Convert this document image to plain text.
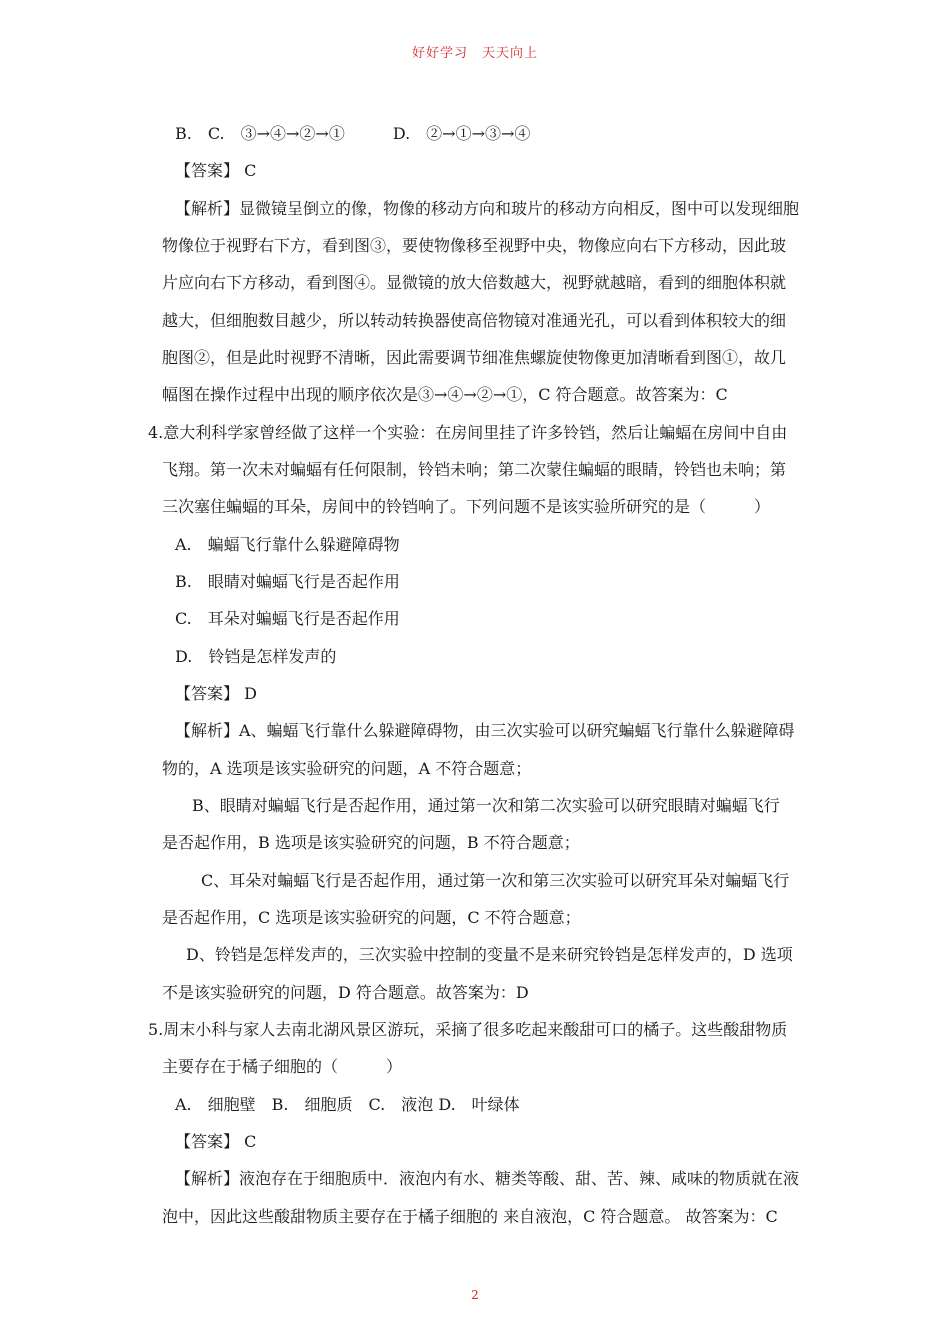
好好学习　天天向上
B.　C.　③→④→②→①　　　D.　②→①→③→④
【答案】 C
【解析】显微镜呈倒立的像，物像的移动方向和玻片的移动方向相反，图中可以发现细胞
物像位于视野右下方，看到图③，要使物像移至视野中央，物像应向右下方移动，因此玻
片应向右下方移动，看到图④。显微镜的放大倍数越大，视野就越暗，看到的细胞体积就
越大，但细胞数目越少，所以转动转换器使高倍物镜对准通光孔，可以看到体积较大的细
胞图②，但是此时视野不清晰，因此需要调节细准焦螺旋使物像更加清晰看到图①，故几
幅图在操作过程中出现的顺序依次是③→④→②→①，C 符合题意。故答案为：C
4.意大利科学家曾经做了这样一个实验：在房间里挂了许多铃铛，然后让蝙蝠在房间中自由
飞翔。第一次未对蝙蝠有任何限制，铃铛未响；第二次蒙住蝙蝠的眼睛，铃铛也未响；第
三次塞住蝙蝠的耳朵，房间中的铃铛响了。下列问题不是该实验所研究的是（　　　）
A.　蝙蝠飞行靠什么躲避障碍物
B.　眼睛对蝙蝠飞行是否起作用
C.　耳朵对蝙蝠飞行是否起作用
D.　铃铛是怎样发声的
【答案】 D
【解析】A、蝙蝠飞行靠什么躲避障碍物，由三次实验可以研究蝙蝠飞行靠什么躲避障碍
物的，A 选项是该实验研究的问题，A 不符合题意；
B、眼睛对蝙蝠飞行是否起作用，通过第一次和第二次实验可以研究眼睛对蝙蝠飞行
是否起作用，B 选项是该实验研究的问题，B 不符合题意；
C、耳朵对蝙蝠飞行是否起作用，通过第一次和第三次实验可以研究耳朵对蝙蝠飞行
是否起作用，C 选项是该实验研究的问题，C 不符合题意；
D、铃铛是怎样发声的，三次实验中控制的变量不是来研究铃铛是怎样发声的，D 选项
不是该实验研究的问题，D 符合题意。故答案为：D
5.周末小科与家人去南北湖风景区游玩，采摘了很多吃起来酸甜可口的橘子。这些酸甜物质
主要存在于橘子细胞的（　　　）
A.　细胞壁　B.　细胞质　C.　液泡 D.　叶绿体
【答案】 C
【解析】液泡存在于细胞质中．液泡内有水、糖类等酸、甜、苦、辣、咸味的物质就在液
泡中，因此这些酸甜物质主要存在于橘子细胞的 来自液泡，C 符合题意。 故答案为：C
2
